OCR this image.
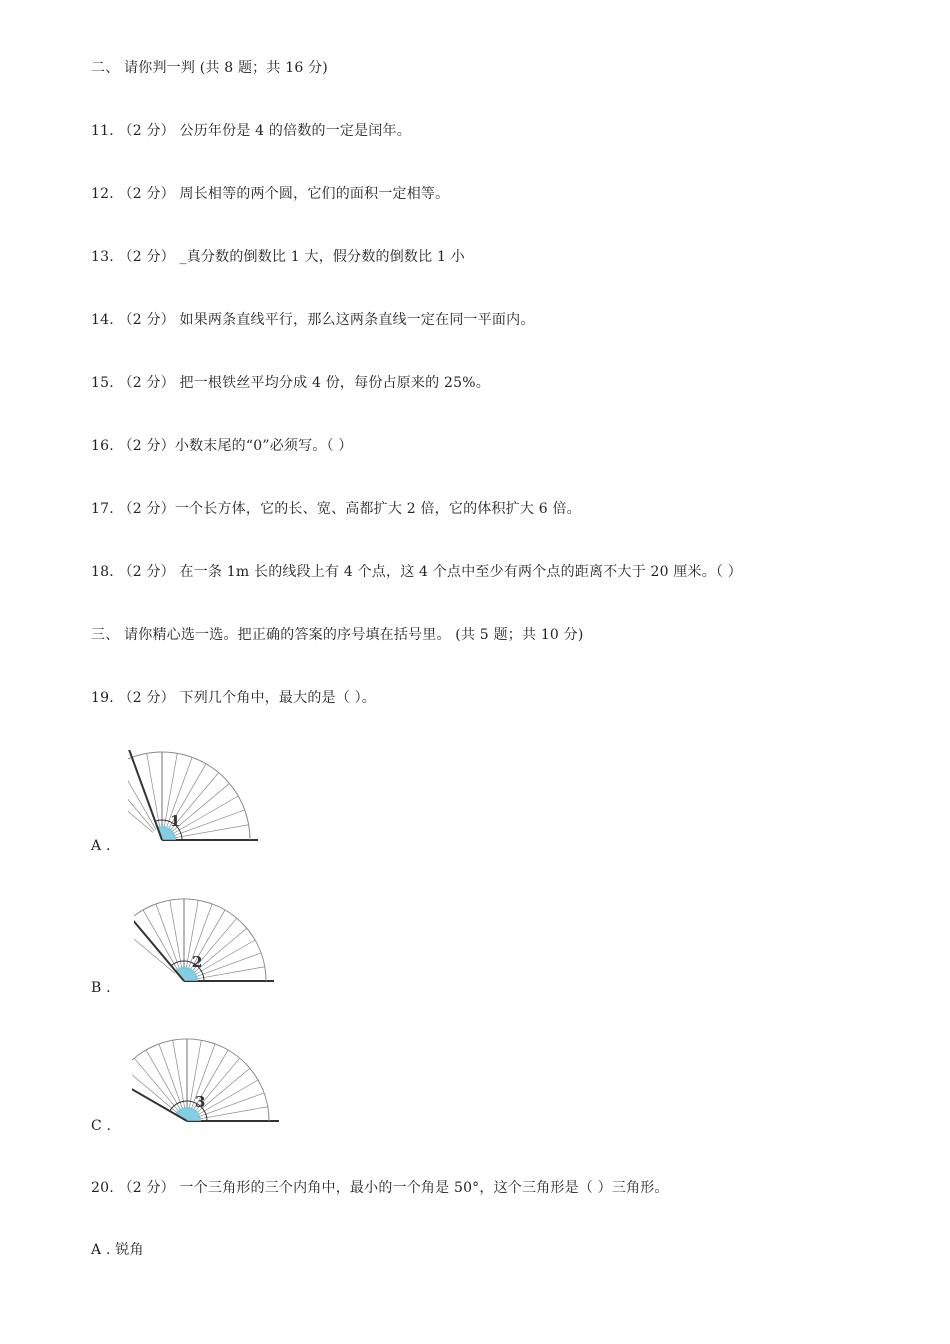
二、 请你判一判 (共 8 题；共 16 分)
11. （2 分） 公历年份是 4 的倍数的一定是闰年。
12. （2 分） 周长相等的两个圆，它们的面积一定相等。
13. （2 分） _真分数的倒数比 1 大，假分数的倒数比 1 小
14. （2 分） 如果两条直线平行，那么这两条直线一定在同一平面内。
15. （2 分） 把一根铁丝平均分成 4 份，每份占原来的 25%。
16. （2 分）小数末尾的“0”必须写。（ ）
17. （2 分）一个长方体，它的长、宽、高都扩大 2 倍，它的体积扩大 6 倍。
18. （2 分） 在一条 1m 长的线段上有 4 个点，这 4 个点中至少有两个点的距离不大于 20 厘米。（ ）
三、 请你精心选一选。把正确的答案的序号填在括号里。 (共 5 题；共 10 分)
19. （2 分） 下列几个角中，最大的是（ ）。
A .
1
B .
2
C .
3
20. （2 分） 一个三角形的三个内角中，最小的一个角是 50°，这个三角形是（ ）三角形。
A . 锐角
